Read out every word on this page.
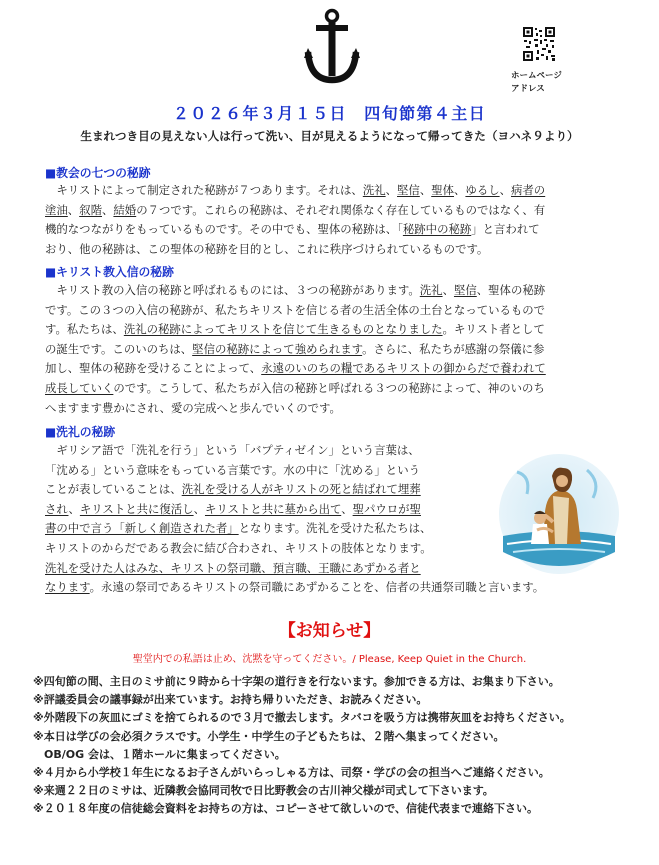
ホームページ
アドレス
２０２６年３月１５日　四旬節第４主日
生まれつき目の見えない人は行って洗い、目が見えるようになって帰ってきた（ヨハネ９より）
■教会の七つの秘跡
　キリストによって制定された秘跡が７つあります。それは、洗礼、堅信、聖体、ゆるし、病者の
塗油、叙階、結婚の７つです。これらの秘跡は、それぞれ関係なく存在しているものではなく、有
機的なつながりをもっているものです。その中でも、聖体の秘跡は、「秘跡中の秘跡」と言われて
おり、他の秘跡は、この聖体の秘跡を目的とし、これに秩序づけられているものです。
■キリスト教入信の秘跡
　キリスト教の入信の秘跡と呼ばれるものには、３つの秘跡があります。洗礼、堅信、聖体の秘跡
です。この３つの入信の秘跡が、私たちキリストを信じる者の生活全体の土台となっているもので
す。私たちは、洗礼の秘跡によってキリストを信じて生きるものとなりました。キリスト者として
の誕生です。このいのちは、堅信の秘跡によって強められます。さらに、私たちが感謝の祭儀に参
加し、聖体の秘跡を受けることによって、永遠のいのちの糧であるキリストの御からだで養われて
成長していくのです。こうして、私たちが入信の秘跡と呼ばれる３つの秘跡によって、神のいのち
へますます豊かにされ、愛の完成へと歩んでいくのです。
■洗礼の秘跡
　ギリシア語で「洗礼を行う」という「バプティゼイン」という言葉は、
「沈める」という意味をもっている言葉です。水の中に「沈める」という
ことが表していることは、洗礼を受ける人がキリストの死と結ばれて埋葬
され、キリストと共に復活し、キリストと共に墓から出て、聖パウロが聖
書の中で言う「新しく創造された者」となります。洗礼を受けた私たちは、
キリストのからだである教会に結び合わされ、キリストの肢体となります。
洗礼を受けた人はみな、キリストの祭司職、預言職、王職にあずかる者と
なります。永遠の祭司であるキリストの祭司職にあずかることを、信者の共通祭司職と言います。
【お知らせ】
聖堂内での私語は止め、沈黙を守ってください。/ Please, Keep Quiet in the Church.
※四旬節の間、主日のミサ前に９時から十字架の道行きを行ないます。参加できる方は、お集まり下さい。
※評議委員会の議事録が出来ています。お持ち帰りいただき、お読みください。
※外階段下の灰皿にゴミを捨てられるので３月で撤去します。タバコを吸う方は携帯灰皿をお持ちください。
※本日は学びの会必須クラスです。小学生・中学生の子どもたちは、２階へ集まってください。
　OB/OG 会は、１階ホールに集まってください。
※４月から小学校１年生になるお子さんがいらっしゃる方は、司祭・学びの会の担当へご連絡ください。
※来週２２日のミサは、近隣教会協同司牧で日比野教会の古川神父様が司式して下さいます。
※２０１８年度の信徒総会資料をお持ちの方は、コピーさせて欲しいので、信徒代表まで連絡下さい。
